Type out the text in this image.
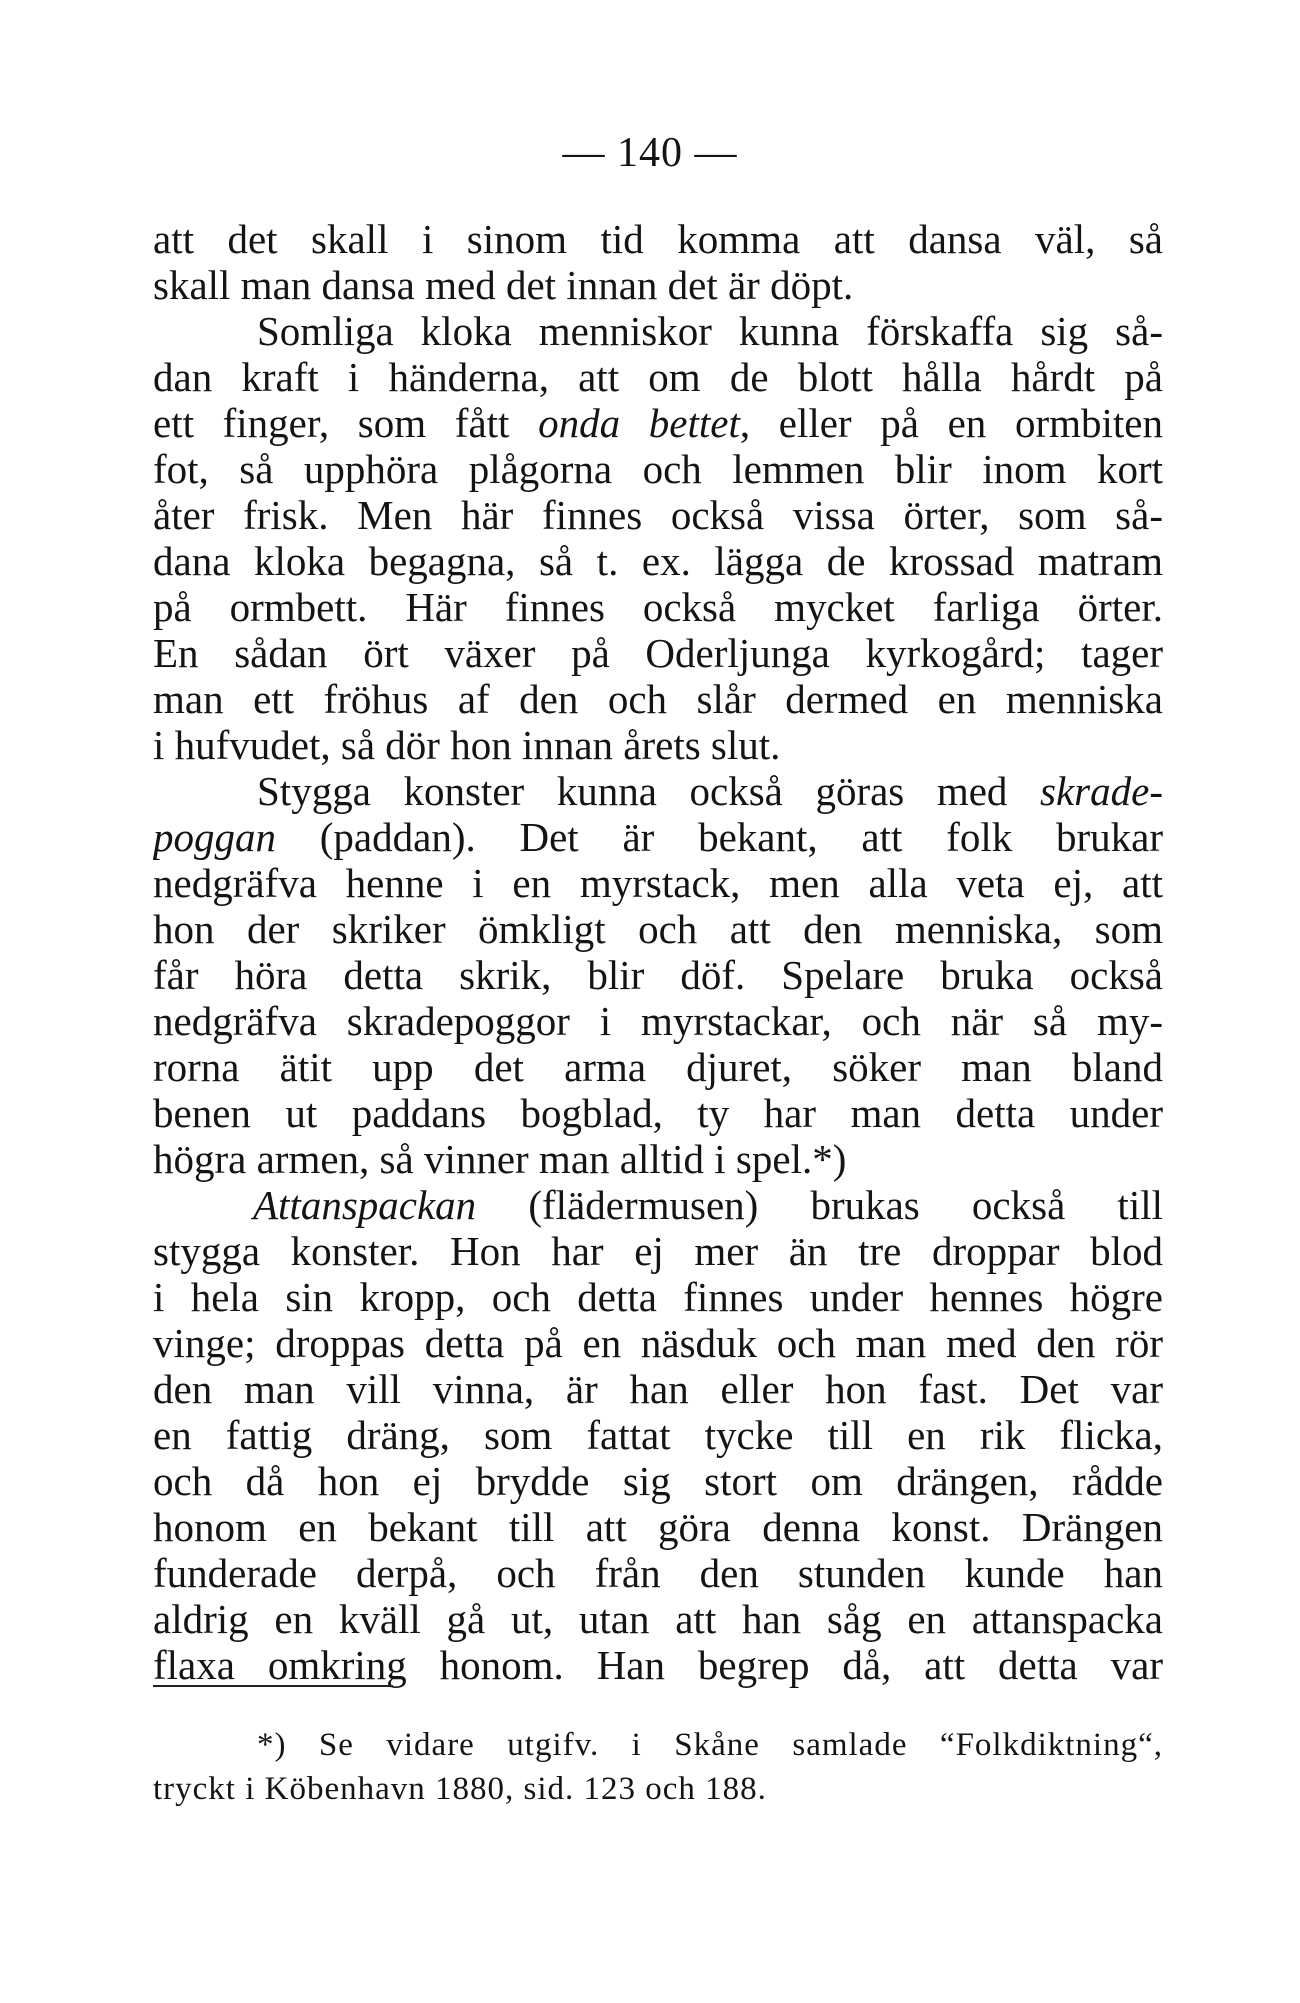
— 140 —
att det skall i sinom tid komma att dansa väl, så
skall man dansa med det innan det är döpt.
Somliga kloka menniskor kunna förskaffa sig så-
dan kraft i händerna, att om de blott hålla hårdt på
ett finger, som fått onda bettet, eller på en ormbiten
fot, så upphöra plågorna och lemmen blir inom kort
åter frisk. Men här finnes också vissa örter, som så-
dana kloka begagna, så t. ex. lägga de krossad matram
på ormbett. Här finnes också mycket farliga örter.
En sådan ört växer på Oderljunga kyrkogård; tager
man ett fröhus af den och slår dermed en menniska
i hufvudet, så dör hon innan årets slut.
Stygga konster kunna också göras med skrade-
poggan (paddan). Det är bekant, att folk brukar
nedgräfva henne i en myrstack, men alla veta ej, att
hon der skriker ömkligt och att den menniska, som
får höra detta skrik, blir döf. Spelare bruka också
nedgräfva skradepoggor i myrstackar, och när så my-
rorna ätit upp det arma djuret, söker man bland
benen ut paddans bogblad, ty har man detta under
högra armen, så vinner man alltid i spel.*)
Attanspackan (flädermusen) brukas också till
stygga konster. Hon har ej mer än tre droppar blod
i hela sin kropp, och detta finnes under hennes högre
vinge; droppas detta på en näsduk och man med den rör
den man vill vinna, är han eller hon fast. Det var
en fattig dräng, som fattat tycke till en rik flicka,
och då hon ej brydde sig stort om drängen, rådde
honom en bekant till att göra denna konst. Drängen
funderade derpå, och från den stunden kunde han
aldrig en kväll gå ut, utan att han såg en attanspacka
flaxa omkring honom. Han begrep då, att detta var
*) Se vidare utgifv. i Skåne samlade “Folkdiktning“,
tryckt i Köbenhavn 1880, sid. 123 och 188.
